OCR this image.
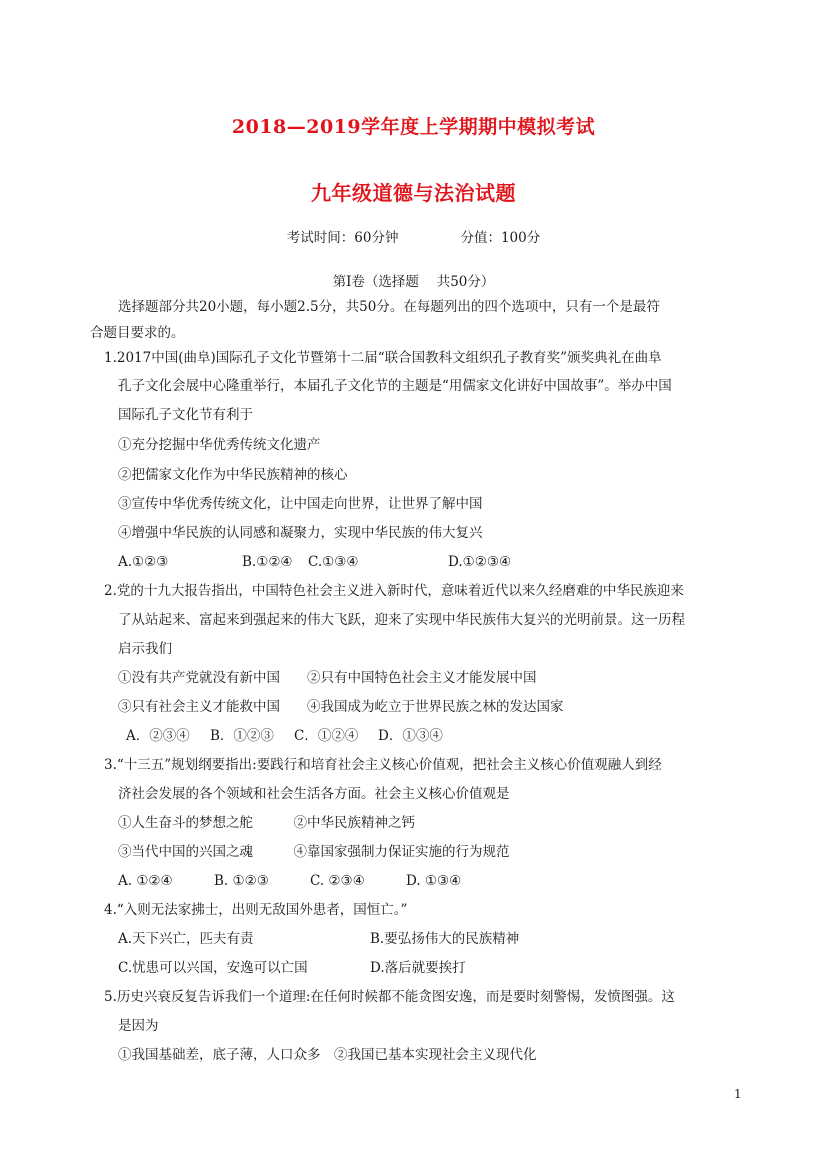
2018—2019学年度上学期期中模拟考试
九年级道德与法治试题
考试时间：60分钟	分值：100分
第Ⅰ卷（选择题　 共50分）
选择题部分共20小题，每小题2.5分，共50分。在每题列出的四个选项中，只有一个是最符
合题目要求的。
1.2017中国(曲阜)国际孔子文化节暨第十二届“联合国教科文组织孔子教育奖”颁奖典礼在曲阜
孔子文化会展中心隆重举行，本届孔子文化节的主题是“用儒家文化讲好中国故事”。举办中国
国际孔子文化节有利于
①充分挖掘中华优秀传统文化遗产
②把儒家文化作为中华民族精神的核心
③宣传中华优秀传统文化，让中国走向世界，让世界了解中国
④增强中华民族的认同感和凝聚力，实现中华民族的伟大复兴
A.①②③	B.①②④ C.①③④	D.①②③④
2.党的十九大报告指出，中国特色社会主义进入新时代，意味着近代以来久经磨难的中华民族迎来
了从站起来、富起来到强起来的伟大飞跃，迎来了实现中华民族伟大复兴的光明前景。这一历程
启示我们
①没有共产党就没有新中国　　②只有中国特色社会主义才能发展中国
③只有社会主义才能救中国　　④我国成为屹立于世界民族之林的发达国家
A．②③④ B．①②③ C．①②④ D．①③④
3.“十三五”规划纲要指出:要践行和培育社会主义核心价值观，把社会主义核心价值观融人到经
济社会发展的各个领域和社会生活各方面。社会主义核心价值观是
①人生奋斗的梦想之舵　　　②中华民族精神之钙
③当代中国的兴国之魂　　　④靠国家强制力保证实施的行为规范
A. ①②④	B. ①②③	C. ②③④	D. ①③④
4.“入则无法家拂士，出则无敌国外患者，国恒亡。”
A.天下兴亡，匹夫有责	B.要弘扬伟大的民族精神
C.忧患可以兴国，安逸可以亡国	D.落后就要挨打
5.历史兴衰反复告诉我们一个道理:在任何时候都不能贪图安逸，而是要时刻警惕，发愤图强。这
是因为
①我国基础差，底子薄，人口众多　②我国已基本实现社会主义现代化
1
